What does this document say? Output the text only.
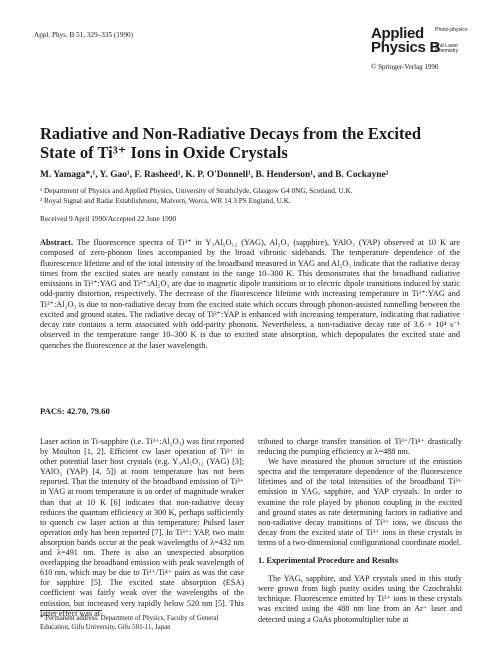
Appl. Phys. B 51, 329–335 (1990)	Applied
Physics B
Photo-physics
and Laser Chemistry
© Springer-Verlag 1990
Radiative and Non-Radiative Decays from the Excited State of Ti³⁺ Ions in Oxide Crystals
M. Yamaga*,¹, Y. Gao¹, F. Rasheed¹, K. P. O'Donnell¹, B. Henderson¹, and B. Cockayne²
¹ Department of Physics and Applied Physics, University of Strathclyde, Glasgow G4 0NG, Scotland, U.K.
² Royal Signal and Radar Establishment, Malvern, Worcs, WR 14 3 PS England, U.K.
Received 9 April 1990/Accepted 22 June 1990
Abstract. The fluorescence spectra of Ti³⁺ in Y₃Al₅O₁₂ (YAG), Al₂O₃ (sapphire), YAlO₃ (YAP) observed at 10 K are composed of zero-phonon lines accompanied by the broad vibronic sidebands. The temperature dependence of the fluorescence lifetime and of the total intensity of the broadband measured in YAG and Al₂O₃ indicate that the radiative decay times from the excited states are nearly constant in the range 10–300 K. This demonstrates that the broadband radiative emissions in Ti³⁺:YAG and Ti³⁺:Al₂O₃ are due to magnetic dipole transitions or to electric dipole transitions induced by static odd-parity distortion, respectively. The decrease of the fluorescence lifetime with increasing temperature in Ti³⁺:YAG and Ti³⁺:Al₂O₃ is due to non-radiative decay from the excited state which occurs through phonon-assisted tunnelling between the excited and ground states. The radiative decay of Ti³⁺:YAP is enhanced with increasing temperature, indicating that radiative decay rate contains a term associated with odd-parity phonons. Nevertheless, a non-radiative decay rate of 3.6 × 10⁴ s⁻¹ observed in the temperature range 10–300 K is due to excited state absorption, which depopulates the excited state and quenches the fluorescence at the laser wavelength.
PACS: 42.70, 79.60

Laser action in Ti-sapphire (i.e. Ti³⁺:Al₂O₃) was first reported by Moulton [1, 2]. Efficient cw laser operation of Ti³⁺ in other potential laser host crystals (e.g. Y₃Al₅O₁₂ (YAG) [3]; YAlO₃ (YAP) [4, 5]) at room temperature has not been reported. That the intensity of the broadband emission of Ti³⁺ in YAG at room temperature is an order of magnitude weaker than that at 10 K [6] indicates that non-radiative decay reduces the quantum efficiency at 300 K, perhaps sufficiently to quench cw laser action at this temperature: Pulsed laser operation only has been reported [7]. In Ti³⁺: YAP, two main absorption bands occur at the peak wavelengths of λ=432 nm and λ=491 nm. There is also an unexpected absorption overlapping the broadband emission with peak wavelength of 610 nm, which may be due to Ti³⁺/Ti⁴⁺ pairs as was the case for sapphire [5]. The excited state absorption (ESA) coefficient was fairly weak over the wavelengths of the emission, but increased very rapidly below 520 nm [5]. This latter effect was at-

tributed to charge transfer transition of Ti³⁺/Ti⁴⁺ drastically reducing the pumping efficiency at λ=488 nm.

We have measured the phonon structure of the emission spectra and the temperature dependence of the fluorescence lifetimes and of the total intensities of the broadband Ti³⁺ emission in YAG, sapphire, and YAP crystals. In order to examine the role played by phonon coupling in the excited and ground states as rate determining factors in radiative and non-radiative decay transitions of Ti³⁺ ions, we discuss the decay from the excited state of Ti³⁺ ions in these crystals in terms of a two-dimensional configurational coordinate model.

1. Experimental Procedure and Results

The YAG, sapphire, and YAP crystals used in this study were grown from high purity oxides using the Czochralski technique. Fluorescence emitted by Ti³⁺ ions in these crystals was excited using the 488 nm line from an Ar⁺ laser and detected using a GaAs photomultiplier tube at

* Permanent address: Department of Physics, Faculty of General Education, Gifu University, Gifu 501-11, Japan
